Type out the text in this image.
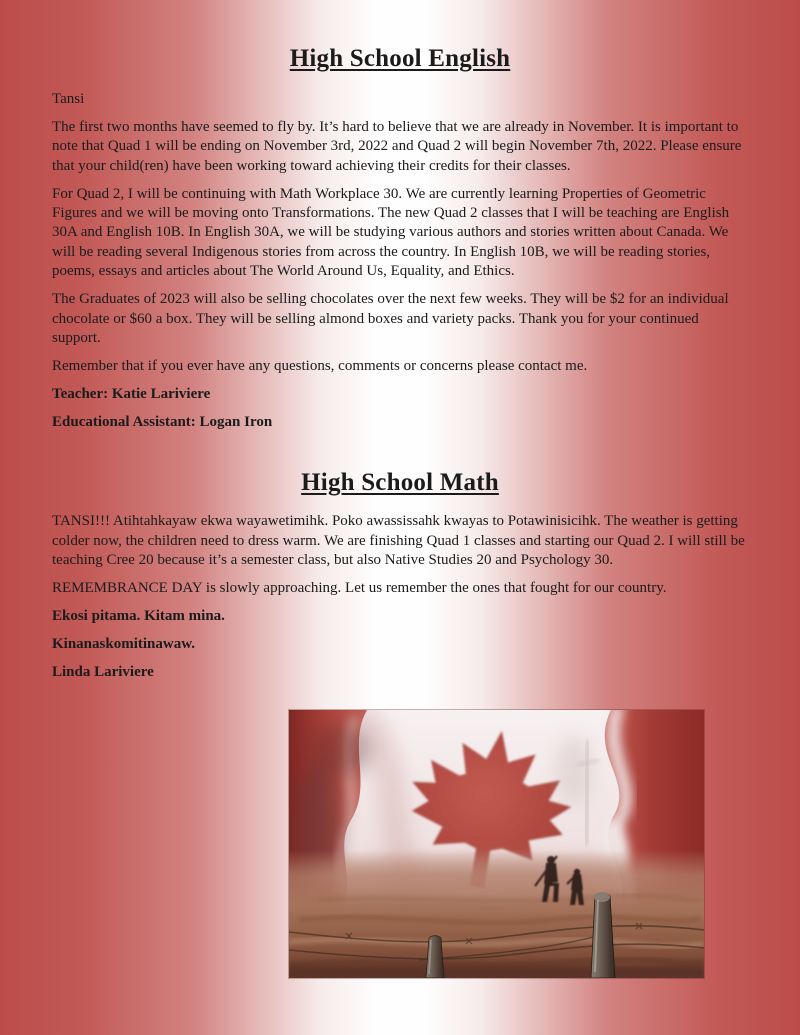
High School English

Tansi

The first two months have seemed to fly by. It’s hard to believe that we are already in November. It is important to note that Quad 1 will be ending on November 3rd, 2022 and Quad 2 will begin November 7th, 2022. Please ensure that your child(ren) have been working toward achieving their credits for their classes.

For Quad 2, I will be continuing with Math Workplace 30. We are currently learning Properties of Geometric Figures and we will be moving onto Transformations. The new Quad 2 classes that I will be teaching are English 30A and English 10B. In English 30A, we will be studying various authors and stories written about Canada. We will be reading several Indigenous stories from across the country. In English 10B, we will be reading stories, poems, essays and articles about The World Around Us, Equality, and Ethics.

The Graduates of 2023 will also be selling chocolates over the next few weeks. They will be $2 for an individual chocolate or $60 a box. They will be selling almond boxes and variety packs. Thank you for your continued support.

Remember that if you ever have any questions, comments or concerns please contact me.

Teacher: Katie Lariviere

Educational Assistant: Logan Iron

High School Math

TANSI!!! Atihtahkayaw ekwa wayawetimihk. Poko awassissahk kwayas to Potawinisicihk. The weather is getting colder now, the children need to dress warm. We are finishing Quad 1 classes and starting our Quad 2. I will still be teaching Cree 20 because it’s a semester class, but also Native Studies 20 and Psychology 30.

REMEMBRANCE DAY is slowly approaching. Let us remember the ones that fought for our country.

Ekosi pitama. Kitam mina.

Kinanaskomitinawaw.

Linda Lariviere
